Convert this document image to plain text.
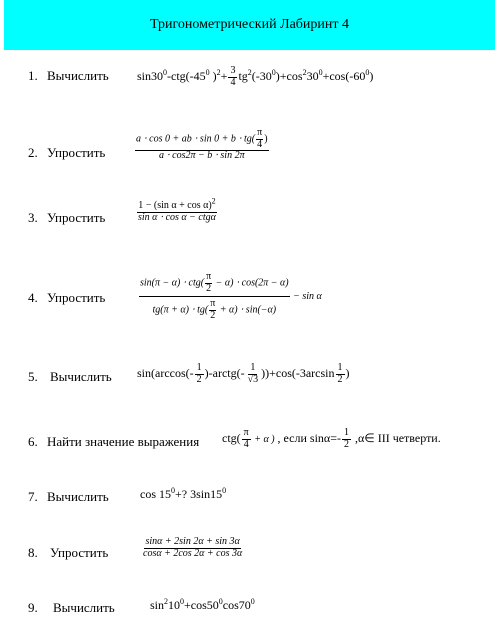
Тригонометрический Лабиринт 4
1. Вычислить $\sin 30^0-ctg(-45^0$ )$^2+ \frac{3}{4} tg^2(-30^0)+\cos^230^0+\cos(-60^0)$
2. Упростить	$\frac{a \cdot \cos 0 + ab \cdot \sin 0 + b \cdot tg( \frac{\pi}{4} )}{a \cdot \cos 2\pi - b \cdot \sin 2\pi}$
3. Упростить	$\frac{1 - (\sin \alpha + \cos \alpha)^2}{\text{sin α ⋅ cos α − ctgα}}$
4. Упростить	$\frac{\sin(\pi - \alpha) \cdot ctg( \frac{\pi}{2} - \alpha) \cdot \cos(2\pi - \alpha)}{tg(\pi + \alpha) \cdot tg( \frac{\pi}{2} + \alpha) \cdot \sin(-\alpha)} - \sin \alpha$
5. Вычислить $\sin(\arccos(- \frac{1}{2}$ )-arctg(- $\frac{1}{√3} ))+\cos(-3\arcsin \frac{1}{2}$ )
6. Найти значение выражения $ctg( \frac{\pi}{4} + \alpha$ ) , если $\sin\alpha=- \frac{1}{2}$ ,α∈ III четверти.
7. Вычислить	$\cos 15^0+$? $3\sin 15^0$
8. Упростить	$\frac{\sin\alpha + 2\sin 2\alpha + \sin 3\alpha}{\cos\alpha + 2\cos 2\alpha + \cos 3\alpha}$
9. Вычислить	$\sin^210^0+\cos 50^0\cos 70^0$
